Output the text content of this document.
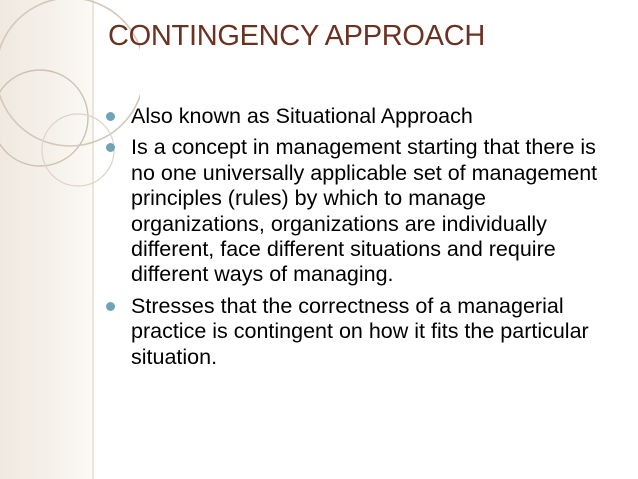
CONTINGENCY APPROACH
Also known as Situational Approach
Is a concept in management starting that there is no one universally applicable set of management principles (rules) by which to manage organizations, organizations are individually different, face different situations and require different ways of managing.
Stresses that the correctness of a managerial practice is contingent on how it fits the particular situation.
